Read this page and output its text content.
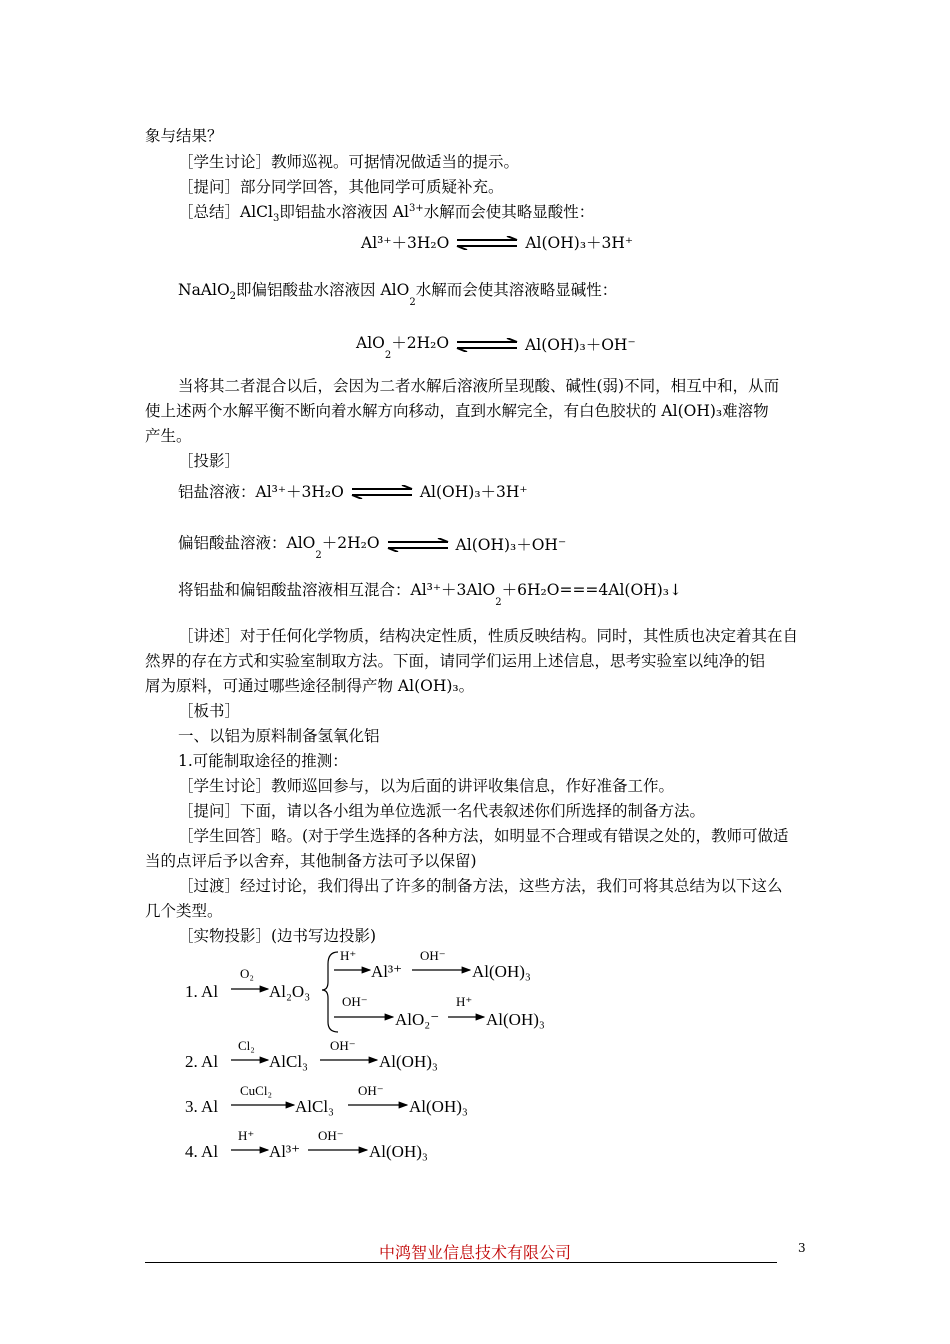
象与结果？
［学生讨论］教师巡视。可据情况做适当的提示。
［提问］部分同学回答，其他同学可质疑补充。
［总结］AlCl$_3$即铝盐水溶液因 $Al^{3+}$水解而会使其略显酸性：
Al³⁺＋3H₂O	Al(OH)₃＋3H⁺
NaAlO$_2$即偏铝酸盐水溶液因 AlO$_2$水解而会使其溶液略显碱性：
AlO$_2$＋2H₂O	Al(OH)₃＋OH⁻
当将其二者混合以后，会因为二者水解后溶液所呈现酸、碱性(弱)不同，相互中和，从而
使上述两个水解平衡不断向着水解方向移动，直到水解完全，有白色胶状的 Al(OH)₃难溶物
产生。
［投影］
铝盐溶液：Al³⁺＋3H₂O	Al(OH)₃＋3H⁺
偏铝酸盐溶液：AlO$_2$＋2H₂O	Al(OH)₃＋OH⁻
将铝盐和偏铝酸盐溶液相互混合：Al³⁺＋3AlO$_2$＋6H₂O===4Al(OH)₃↓
［讲述］对于任何化学物质，结构决定性质，性质反映结构。同时，其性质也决定着其在自
然界的存在方式和实验室制取方法。下面，请同学们运用上述信息，思考实验室以纯净的铝
屑为原料，可通过哪些途径制得产物 Al(OH)₃。
［板书］
一、以铝为原料制备氢氧化铝
1.可能制取途径的推测：
［学生讨论］教师巡回参与，以为后面的讲评收集信息，作好准备工作。
［提问］下面，请以各小组为单位选派一名代表叙述你们所选择的制备方法。
［学生回答］略。(对于学生选择的各种方法，如明显不合理或有错误之处的，教师可做适
当的点评后予以舍弃，其他制备方法可予以保留)
［过渡］经过讨论，我们得出了许多的制备方法，这些方法，我们可将其总结为以下这么
几个类型。
［实物投影］(边书写边投影)
1. Al
O₂
Al₂O₃
H⁺
Al³⁺
OH⁻
Al(OH)₃
OH⁻
AlO₂⁻
H⁺
Al(OH)₃
2. Al
Cl₂
AlCl₃
OH⁻
Al(OH)₃
3. Al
CuCl₂
AlCl₃
OH⁻
Al(OH)₃
4. Al
H⁺
Al³⁺
OH⁻
Al(OH)₃
中鸿智业信息技术有限公司	3
